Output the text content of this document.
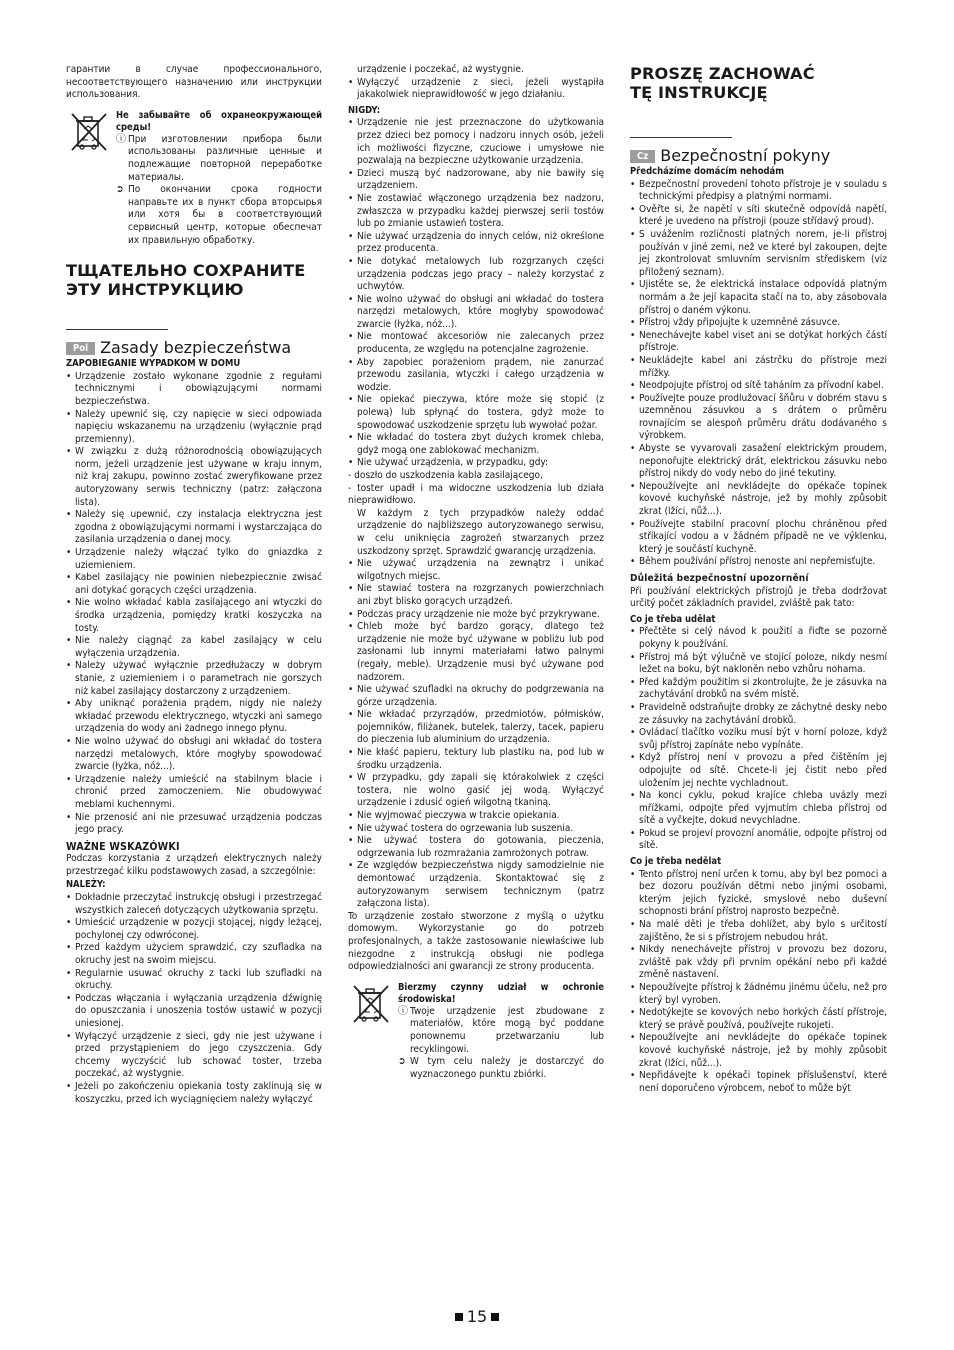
гарантии в случае профессионального, несоответствующего назначению или инструкции использования.

Не забывайте об охранеокружающей среды!

ⓘ При изготовлении прибора были использованы различные ценные и подлежащие повторной переработке материалы.

➲ По окончании срока годности направьте их в пункт сбора вторсырья или хотя бы в соответствующий сервисный центр, которые обеспечат их правильную обработку.

ТЩАТЕЛЬНО СОХРАНИТЕ
ЭТУ ИНСТРУКЦИЮ
Pol Zasady bezpieczeństwa

ZAPOBIEGANIE WYPADKOM W DOMU

• Urządzenie zostało wykonane zgodnie z regułami technicznymi i obowiązującymi normami bezpieczeństwa.
• Należy upewnić się, czy napięcie w sieci odpowiada napięciu wskazanemu na urządzeniu (wyłącznie prąd przemienny).
• W związku z dużą różnorodnością obowiązujących norm, jeżeli urządzenie jest używane w kraju innym, niż kraj zakupu, powinno zostać zweryfikowane przez autoryzowany serwis techniczny (patrz: załączona lista).
• Należy się upewnić, czy instalacja elektryczna jest zgodna z obowiązującymi normami i wystarczająca do zasilania urządzenia o danej mocy.
• Urządzenie należy włączać tylko do gniazdka z uziemieniem.
• Kabel zasilający nie powinien niebezpiecznie zwisać ani dotykać gorących części urządzenia.
• Nie wolno wkładać kabla zasilającego ani wtyczki do środka urządzenia, pomiędzy kratki koszyczka na tosty.
• Nie należy ciągnąć za kabel zasilający w celu wyłączenia urządzenia.
• Należy używać wyłącznie przedłużaczy w dobrym stanie, z uziemieniem i o parametrach nie gorszych niż kabel zasilający dostarczony z urządzeniem.
• Aby uniknąć porażenia prądem, nigdy nie należy wkładać przewodu elektrycznego, wtyczki ani samego urządzenia do wody ani żadnego innego płynu.
• Nie wolno używać do obsługi ani wkładać do tostera narzędzi metalowych, które mogłyby spowodować zwarcie (łyżka, nóż...).
• Urządzenie należy umieścić na stabilnym blacie i chronić przed zamoczeniem. Nie obudowywać meblami kuchennymi.
• Nie przenosić ani nie przesuwać urządzenia podczas jego pracy.

WAŻNE WSKAZÓWKI

Podczas korzystania z urządzeń elektrycznych należy przestrzegać kilku podstawowych zasad, a szczególnie:

NALEŻY:

• Dokładnie przeczytać instrukcję obsługi i przestrzegać wszystkich zaleceń dotyczących użytkowania sprzętu.
• Umieścić urządzenie w pozycji stojącej, nigdy leżącej, pochylonej czy odwróconej.
• Przed każdym użyciem sprawdzić, czy szufladka na okruchy jest na swoim miejscu.
• Regularnie usuwać okruchy z tacki lub szufladki na okruchy.
• Podczas włączania i wyłączania urządzenia dźwignię do opuszczania i unoszenia tostów ustawić w pozycji uniesionej.
• Wyłączyć urządzenie z sieci, gdy nie jest używane i przed przystąpieniem do jego czyszczenia. Gdy chcemy wyczyścić lub schować toster, trzeba poczekać, aż wystygnie.
• Jeżeli po zakończeniu opiekania tosty zaklinują się w koszyczku, przed ich wyciągnięciem należy wyłączyć

urządzenie i poczekać, aż wystygnie.

• Wyłączyć urządzenie z sieci, jeżeli wystąpiła jakakolwiek nieprawidłowość w jego działaniu.

NIGDY:

• Urządzenie nie jest przeznaczone do użytkowania przez dzieci bez pomocy i nadzoru innych osób, jeżeli ich możliwości fizyczne, czuciowe i umysłowe nie pozwalają na bezpieczne użytkowanie urządzenia.
• Dzieci muszą być nadzorowane, aby nie bawiły się urządzeniem.
• Nie zostawiać włączonego urządzenia bez nadzoru, zwłaszcza w przypadku każdej pierwszej serii tostów lub po zmianie ustawień tostera.
• Nie używać urządzenia do innych celów, niż określone przez producenta.
• Nie dotykać metalowych lub rozgrzanych części urządzenia podczas jego pracy – należy korzystać z uchwytów.
• Nie wolno używać do obsługi ani wkładać do tostera narzędzi metalowych, które mogłyby spowodować zwarcie (łyżka, nóż...).
• Nie montować akcesoriów nie zalecanych przez producenta, ze względu na potencjalne zagrożenie.
• Aby zapobiec porażeniom prądem, nie zanurzać przewodu zasilania, wtyczki i całego urządzenia w wodzie.
• Nie opiekać pieczywa, które może się stopić (z polewą) lub spłynąć do tostera, gdyż może to spowodować uszkodzenie sprzętu lub wywołać pożar.
• Nie wkładać do tostera zbyt dużych kromek chleba, gdyż mogą one zablokować mechanizm.
• Nie używać urządzenia, w przypadku, gdy:
- doszło do uszkodzenia kabla zasilającego,
- toster upadł i ma widoczne uszkodzenia lub działa nieprawidłowo.

W każdym z tych przypadków należy oddać urządzenie do najbliższego autoryzowanego serwisu, w celu uniknięcia zagrożeń stwarzanych przez uszkodzony sprzęt. Sprawdzić gwarancję urządzenia.

• Nie używać urządzenia na zewnątrz i unikać wilgotnych miejsc.
• Nie stawiać tostera na rozgrzanych powierzchniach ani zbyt blisko gorących urządzeń.
• Podczas pracy urządzenie nie może być przykrywane.
• Chleb może być bardzo gorący, dlatego też urządzenie nie może być używane w pobliżu lub pod zasłonami lub innymi materiałami łatwo palnymi (regały, meble). Urządzenie musi być używane pod nadzorem.
• Nie używać szufladki na okruchy do podgrzewania na górze urządzenia.
• Nie wkładać przyrządów, przedmiotów, półmisków, pojemników, filiżanek, butelek, talerzy, tacek, papieru do pieczenia lub aluminium do urządzenia.
• Nie kłaść papieru, tektury lub plastiku na, pod lub w środku urządzenia.
• W przypadku, gdy zapali się którakolwiek z części tostera, nie wolno gasić jej wodą. Wyłączyć urządzenie i zdusić ogień wilgotną tkaniną.
• Nie wyjmować pieczywa w trakcie opiekania.
• Nie używać tostera do ogrzewania lub suszenia.
• Nie używać tostera do gotowania, pieczenia, odgrzewania lub rozmrażania zamrożonych potraw.
• Ze względów bezpieczeństwa nigdy samodzielnie nie demontować urządzenia. Skontaktować się z autoryzowanym serwisem technicznym (patrz załączona lista).

To urządzenie zostało stworzone z myślą o użytku domowym. Wykorzystanie go do potrzeb profesjonalnych, a także zastosowanie niewłaściwe lub niezgodne z instrukcją obsługi nie podlega odpowiedzialności ani gwarancji ze strony producenta.

Bierzmy czynny udział w ochronie środowiska!

ⓘ Twoje urządzenie jest zbudowane z materiałów, które mogą być poddane ponownemu przetwarzaniu lub recyklingowi.

➲ W tym celu należy je dostarczyć do wyznaczonego punktu zbiórki.

PROSZĘ ZACHOWAĆ
TĘ INSTRUKCJĘ
Cz Bezpečnostní pokyny

Předcházíme domácím nehodám

• Bezpečnostní provedení tohoto přístroje je v souladu s technickými předpisy a platnými normami.
• Ověřte si, že napětí v síti skutečně odpovídá napětí, které je uvedeno na přístroji (pouze střídavý proud).
• S uvážením rozličnosti platných norem, je-li přístroj používán v jiné zemi, než ve které byl zakoupen, dejte jej zkontrolovat smluvním servisním střediskem (viz přiložený seznam).
• Ujistěte se, že elektrická instalace odpovídá platným normám a že její kapacita stačí na to, aby zásobovala přístroj o daném výkonu.
• Přístroj vždy připojujte k uzemněné zásuvce.
• Nenechávejte kabel viset ani se dotýkat horkých částí přístroje.
• Neukládejte kabel ani zástrčku do přístroje mezi mřížky.
• Neodpojujte přístroj od sítě taháním za přívodní kabel.
• Používejte pouze prodlužovací šňůru v dobrém stavu s uzemněnou zásuvkou a s drátem o průměru rovnajícím se alespoň průměru drátu dodávaného s výrobkem.
• Abyste se vyvarovali zasažení elektrickým proudem, neponořujte elektrický drát, elektrickou zásuvku nebo přístroj nikdy do vody nebo do jiné tekutiny.
• Nepoužívejte ani nevkládejte do opékače topinek kovové kuchyňské nástroje, jež by mohly způsobit zkrat (lžíci, nůž...).
• Používejte stabilní pracovní plochu chráněnou před stříkající vodou a v žádném případě ne ve výklenku, který je součástí kuchyně.
• Během používání přístroj nenoste ani nepřemisťujte.

Důležitá bezpečnostní upozornění

Při používání elektrických přístrojů je třeba dodržovat určitý počet základních pravidel, zvláště pak tato:

Co je třeba udělat

• Přečtěte si celý návod k použití a řiďte se pozorně pokyny k používání.
• Přístroj má být výlučně ve stojící poloze, nikdy nesmí ležet na boku, být nakloněn nebo vzhůru nohama.
• Před každým použitím si zkontrolujte, že je zásuvka na zachytávání drobků na svém místě.
• Pravidelně odstraňujte drobky ze záchytné desky nebo ze zásuvky na zachytávání drobků.
• Ovládací tlačítko vozíku musí být v horní poloze, když svůj přístroj zapínáte nebo vypínáte.
• Když přístroj není v provozu a před čištěním jej odpojujte od sítě. Chcete-li jej čistit nebo před uložením jej nechte vychladnout.
• Na konci cyklu, pokud krajíce chleba uvázly mezi mřížkami, odpojte před vyjmutím chleba přístroj od sítě a vyčkejte, dokud nevychladne.
• Pokud se projeví provozní anomálie, odpojte přístroj od sítě.

Co je třeba nedělat

• Tento přístroj není určen k tomu, aby byl bez pomoci a bez dozoru používán dětmi nebo jinými osobami, kterým jejich fyzické, smyslové nebo duševní schopnosti brání přístroj naprosto bezpečně.
• Na malé děti je třeba dohlížet, aby bylo s určitostí zajištěno, že si s přístrojem nebudou hrát.
• Nikdy nenechávejte přístroj v provozu bez dozoru, zvláště pak vždy při prvním opékání nebo při každé změně nastavení.
• Nepoužívejte přístroj k žádnému jinému účelu, než pro který byl vyroben.
• Nedotýkejte se kovových nebo horkých částí přístroje, který se právě používá, používejte rukojeti.
• Nepoužívejte ani nevkládejte do opékače topinek kovové kuchyňské nástroje, jež by mohly způsobit zkrat (lžíci, nůž...).
• Nepřidávejte k opékači topinek příslušenství, které není doporučeno výrobcem, neboť to může být
15
